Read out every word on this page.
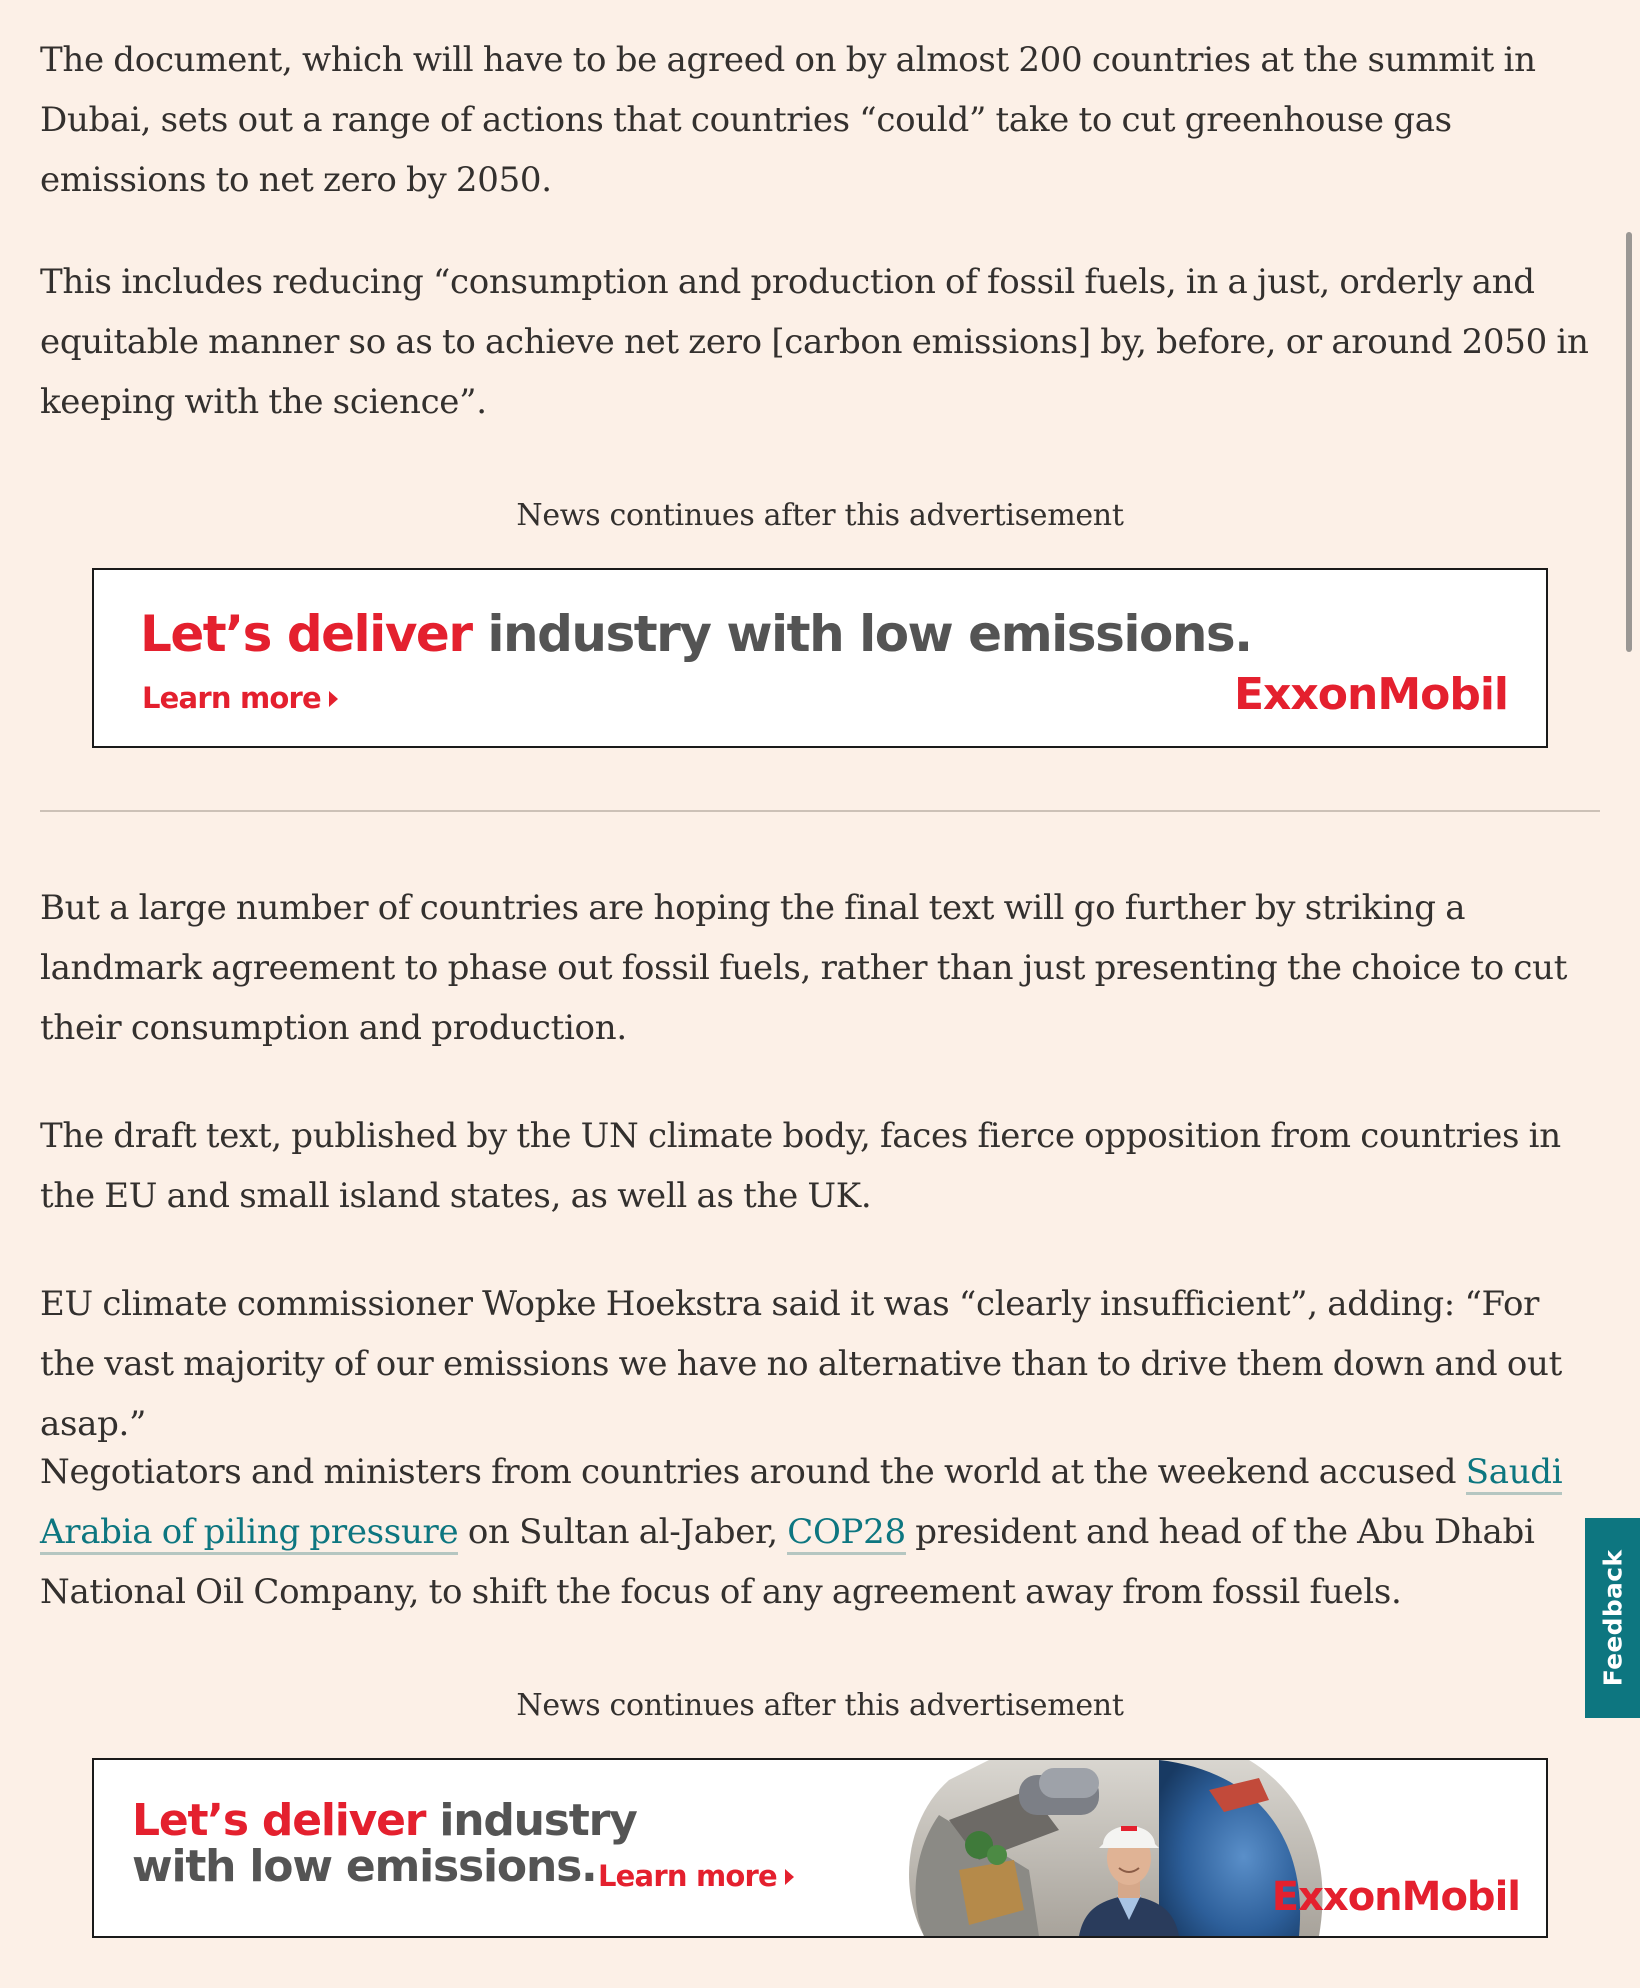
The document, which will have to be agreed on by almost 200 countries at the summit in Dubai, sets out a range of actions that countries “could” take to cut greenhouse gas emissions to net zero by 2050.

This includes reducing “consumption and production of fossil fuels, in a just, orderly and equitable manner so as to achieve net zero [carbon emissions] by, before, or around 2050 in keeping with the science”.

News continues after this advertisement
Let’s deliver industry with low emissions.
Learn more	ExxonMobil

But a large number of countries are hoping the final text will go further by striking a landmark agreement to phase out fossil fuels, rather than just presenting the choice to cut their consumption and production.

The draft text, published by the UN climate body, faces fierce opposition from countries in the EU and small island states, as well as the UK.

EU climate commissioner Wopke Hoekstra said it was “clearly insufficient”, adding: “For the vast majority of our emissions we have no alternative than to drive them down and out asap.”

Negotiators and ministers from countries around the world at the weekend accused Saudi Arabia of piling pressure on Sultan al-Jaber, COP28 president and head of the Abu Dhabi National Oil Company, to shift the focus of any agreement away from fossil fuels.

News continues after this advertisement
Let’s deliver industry
with low emissions. Learn more	ExxonMobil
Feedback
